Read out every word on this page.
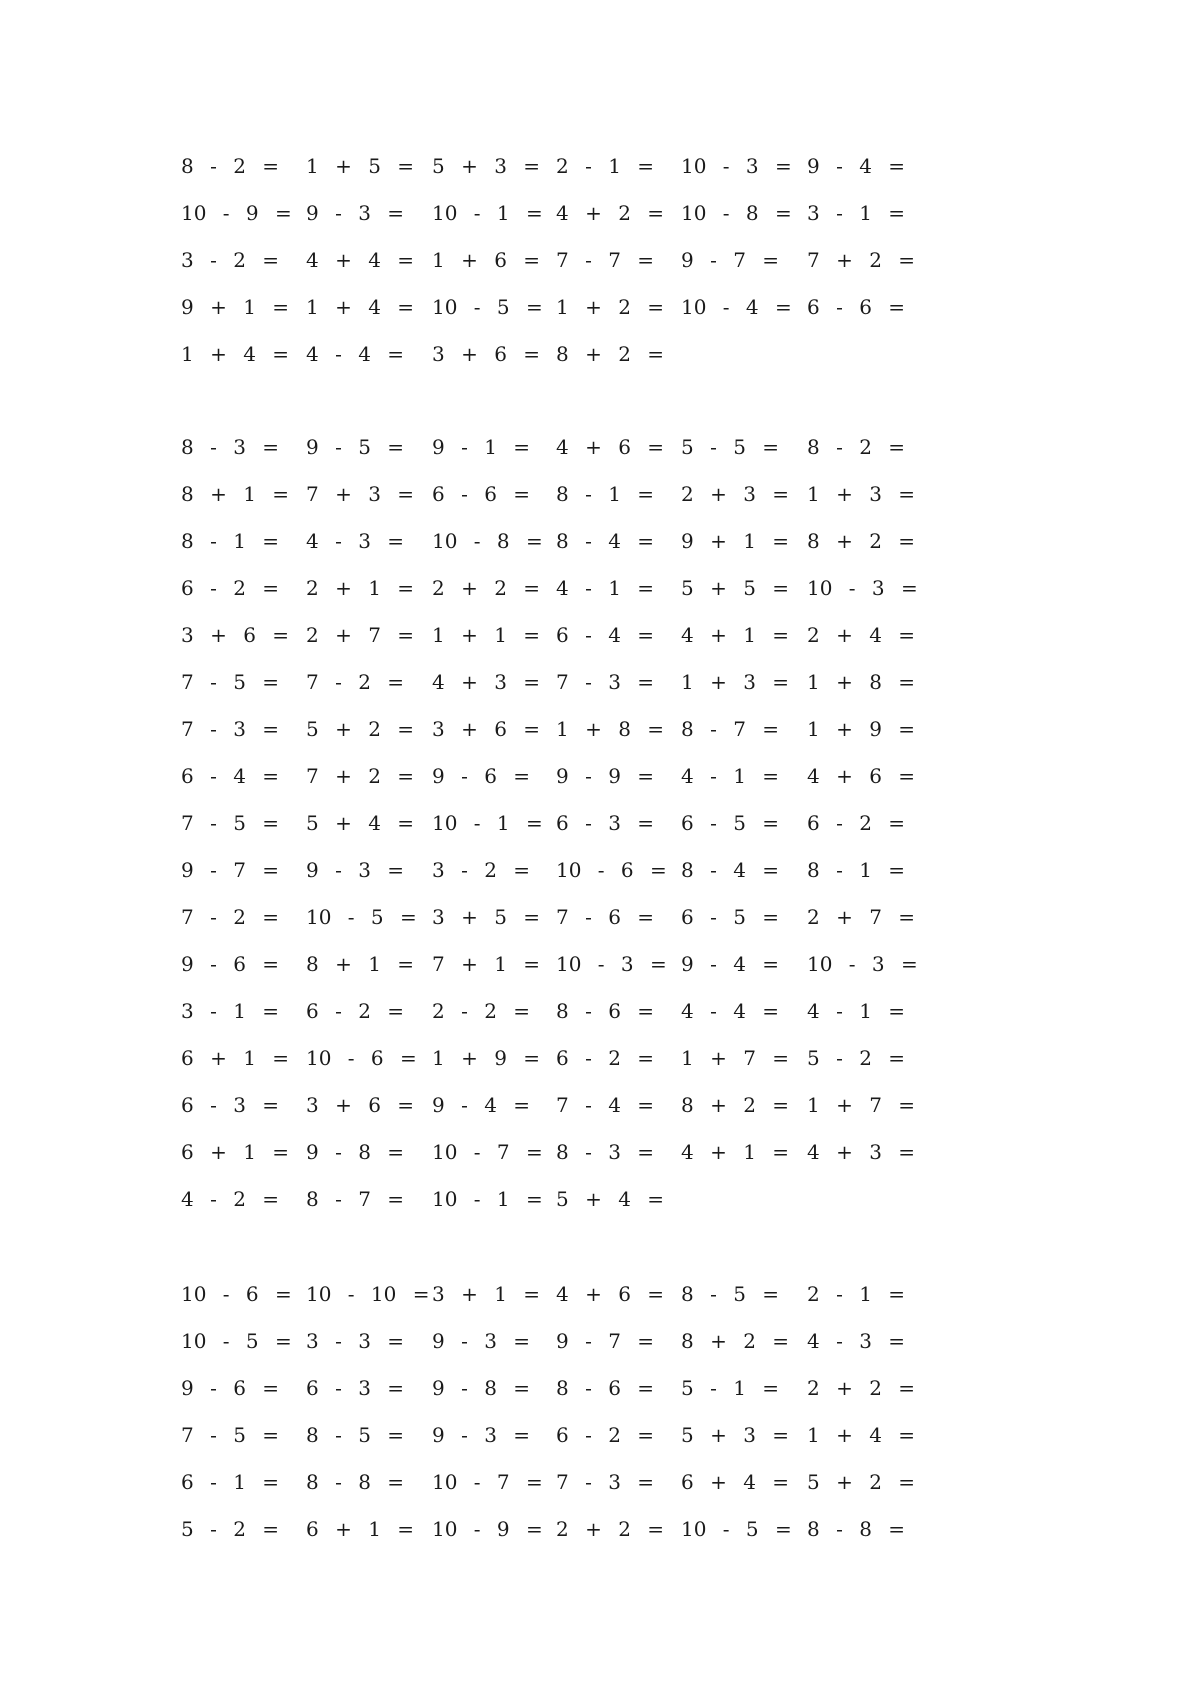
8 - 2 = 1 + 5 = 5 + 3 = 2 - 1 = 10 - 3 = 9 - 4 =
10 - 9 = 9 - 3 = 10 - 1 = 4 + 2 = 10 - 8 = 3 - 1 =
3 - 2 = 4 + 4 = 1 + 6 = 7 - 7 = 9 - 7 = 7 + 2 =
9 + 1 = 1 + 4 = 10 - 5 = 1 + 2 = 10 - 4 = 6 - 6 =
1 + 4 = 4 - 4 = 3 + 6 = 8 + 2 =
8 - 3 = 9 - 5 = 9 - 1 = 4 + 6 = 5 - 5 = 8 - 2 =
8 + 1 = 7 + 3 = 6 - 6 = 8 - 1 = 2 + 3 = 1 + 3 =
8 - 1 = 4 - 3 = 10 - 8 = 8 - 4 = 9 + 1 = 8 + 2 =
6 - 2 = 2 + 1 = 2 + 2 = 4 - 1 = 5 + 5 = 10 - 3 =
3 + 6 = 2 + 7 = 1 + 1 = 6 - 4 = 4 + 1 = 2 + 4 =
7 - 5 = 7 - 2 = 4 + 3 = 7 - 3 = 1 + 3 = 1 + 8 =
7 - 3 = 5 + 2 = 3 + 6 = 1 + 8 = 8 - 7 = 1 + 9 =
6 - 4 = 7 + 2 = 9 - 6 = 9 - 9 = 4 - 1 = 4 + 6 =
7 - 5 = 5 + 4 = 10 - 1 = 6 - 3 = 6 - 5 = 6 - 2 =
9 - 7 = 9 - 3 = 3 - 2 = 10 - 6 = 8 - 4 = 8 - 1 =
7 - 2 = 10 - 5 = 3 + 5 = 7 - 6 = 6 - 5 = 2 + 7 =
9 - 6 = 8 + 1 = 7 + 1 = 10 - 3 = 9 - 4 = 10 - 3 =
3 - 1 = 6 - 2 = 2 - 2 = 8 - 6 = 4 - 4 = 4 - 1 =
6 + 1 = 10 - 6 = 1 + 9 = 6 - 2 = 1 + 7 = 5 - 2 =
6 - 3 = 3 + 6 = 9 - 4 = 7 - 4 = 8 + 2 = 1 + 7 =
6 + 1 = 9 - 8 = 10 - 7 = 8 - 3 = 4 + 1 = 4 + 3 =
4 - 2 = 8 - 7 = 10 - 1 = 5 + 4 =
10 - 6 = 10 - 10 = 3 + 1 = 4 + 6 = 8 - 5 = 2 - 1 =
10 - 5 = 3 - 3 = 9 - 3 = 9 - 7 = 8 + 2 = 4 - 3 =
9 - 6 = 6 - 3 = 9 - 8 = 8 - 6 = 5 - 1 = 2 + 2 =
7 - 5 = 8 - 5 = 9 - 3 = 6 - 2 = 5 + 3 = 1 + 4 =
6 - 1 = 8 - 8 = 10 - 7 = 7 - 3 = 6 + 4 = 5 + 2 =
5 - 2 = 6 + 1 = 10 - 9 = 2 + 2 = 10 - 5 = 8 - 8 =
